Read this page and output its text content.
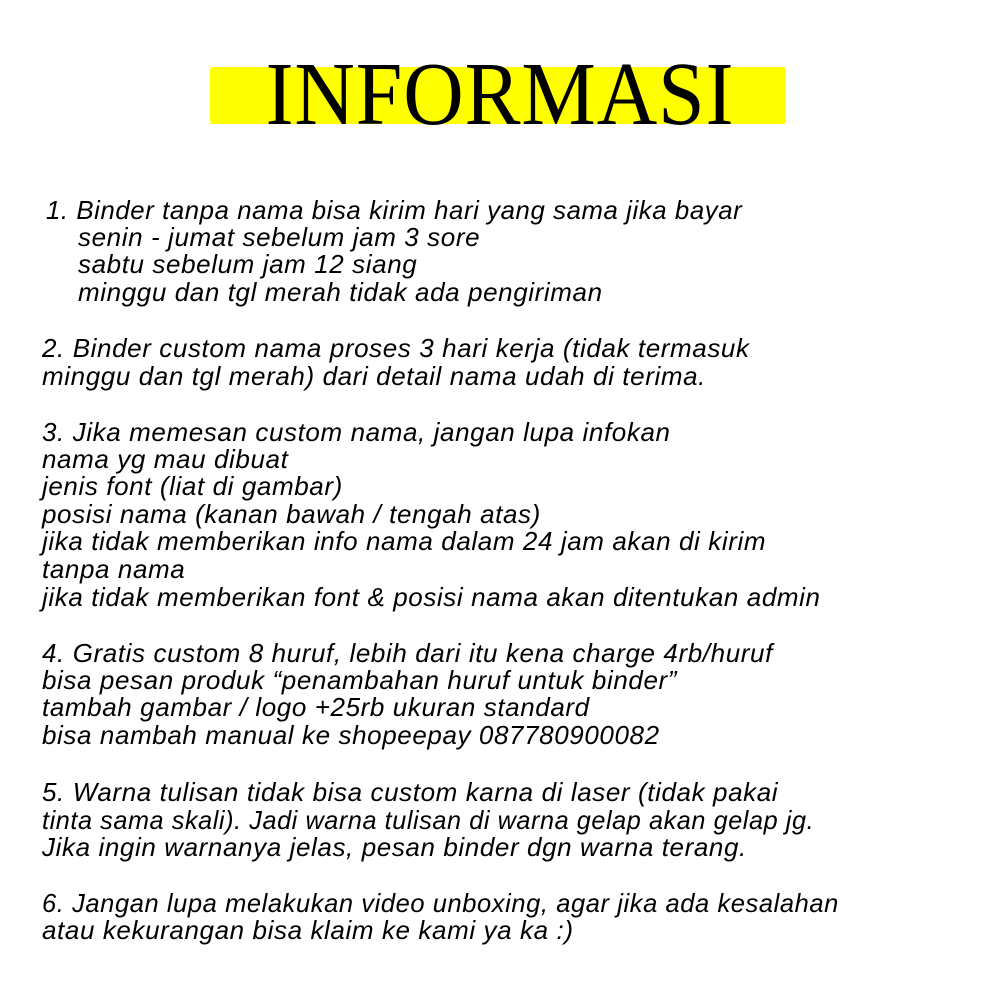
INFORMASI
1. Binder tanpa nama bisa kirim hari yang sama jika bayar
senin - jumat sebelum jam 3 sore
sabtu sebelum jam 12 siang
minggu dan tgl merah tidak ada pengiriman
2. Binder custom nama proses 3 hari kerja (tidak termasuk
minggu dan tgl merah) dari detail nama udah di terima.
3. Jika memesan custom nama, jangan lupa infokan
nama yg mau dibuat
jenis font (liat di gambar)
posisi nama (kanan bawah / tengah atas)
jika tidak memberikan info nama dalam 24 jam akan di kirim
tanpa nama
jika tidak memberikan font & posisi nama akan ditentukan admin
4. Gratis custom 8 huruf, lebih dari itu kena charge 4rb/huruf
bisa pesan produk “penambahan huruf untuk binder”
tambah gambar / logo +25rb ukuran standard
bisa nambah manual ke shopeepay 087780900082
5. Warna tulisan tidak bisa custom karna di laser (tidak pakai
tinta sama skali). Jadi warna tulisan di warna gelap akan gelap jg.
Jika ingin warnanya jelas, pesan binder dgn warna terang.
6. Jangan lupa melakukan video unboxing, agar jika ada kesalahan
atau kekurangan bisa klaim ke kami ya ka :)
